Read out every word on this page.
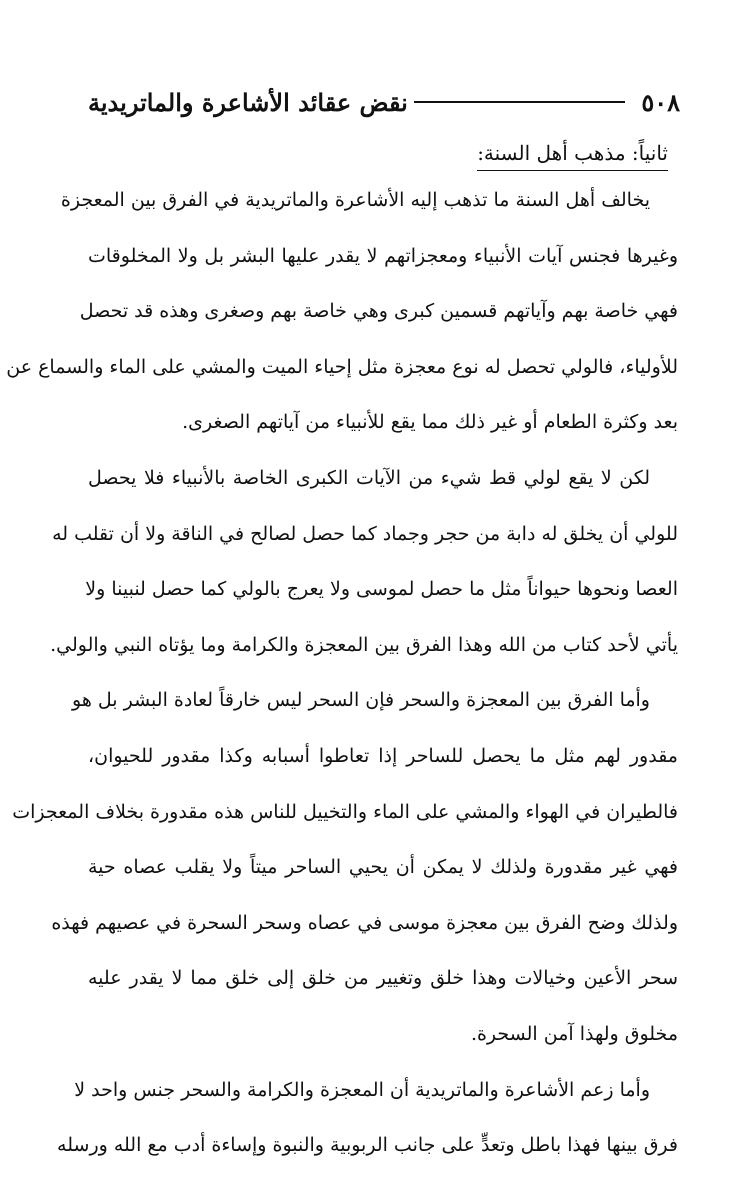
٥٠٨
نقض عقائد الأشاعرة والماتريدية
ثانياً: مذهب أهل السنة:
يخالف أهل السنة ما تذهب إليه الأشاعرة والماتريدية في الفرق بين المعجزة
وغيرها فجنس آيات الأنبياء ومعجزاتهم لا يقدر عليها البشر بل ولا المخلوقات
فهي خاصة بهم وآياتهم قسمين كبرى وهي خاصة بهم وصغرى وهذه قد تحصل
للأولياء، فالولي تحصل له نوع معجزة مثل إحياء الميت والمشي على الماء والسماع عن
بعد وكثرة الطعام أو غير ذلك مما يقع للأنبياء من آياتهم الصغرى.
لكن لا يقع لولي قط شيء من الآيات الكبرى الخاصة بالأنبياء فلا يحصل
للولي أن يخلق له دابة من حجر وجماد كما حصل لصالح في الناقة ولا أن تقلب له
العصا ونحوها حيواناً مثل ما حصل لموسى ولا يعرج بالولي كما حصل لنبينا ولا
يأتي لأحد كتاب من الله وهذا الفرق بين المعجزة والكرامة وما يؤتاه النبي والولي.
وأما الفرق بين المعجزة والسحر فإن السحر ليس خارقاً لعادة البشر بل هو
مقدور لهم مثل ما يحصل للساحر إذا تعاطوا أسبابه وكذا مقدور للحيوان،
فالطيران في الهواء والمشي على الماء والتخييل للناس هذه مقدورة بخلاف المعجزات
فهي غير مقدورة ولذلك لا يمكن أن يحيي الساحر ميتاً ولا يقلب عصاه حية
ولذلك وضح الفرق بين معجزة موسى في عصاه وسحر السحرة في عصيهم فهذه
سحر الأعين وخيالات وهذا خلق وتغيير من خلق إلى خلق مما لا يقدر عليه
مخلوق ولهذا آمن السحرة.
وأما زعم الأشاعرة والماتريدية أن المعجزة والكرامة والسحر جنس واحد لا
فرق بينها فهذا باطل وتعدٍّ على جانب الربوبية والنبوة وإساءة أدب مع الله ورسله
